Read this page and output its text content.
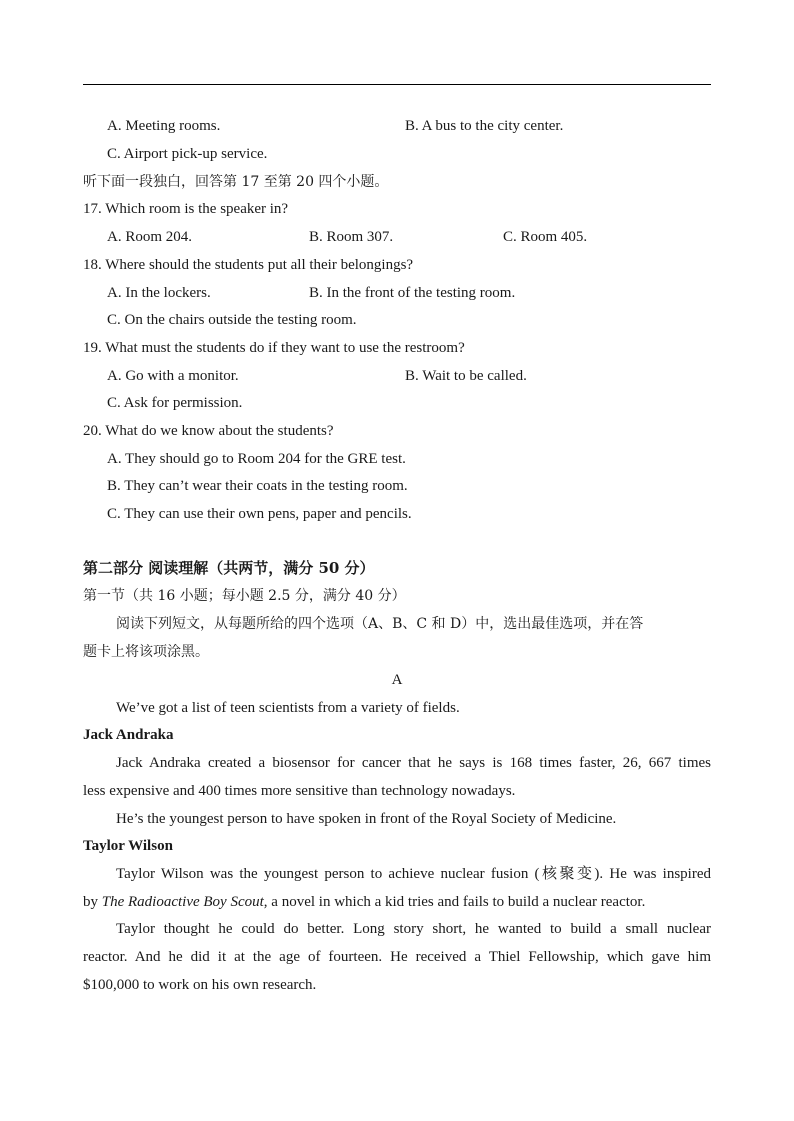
A. Meeting rooms.	B. A bus to the city center.
C. Airport pick-up service.
听下面一段独白，回答第 17 至第 20 四个小题。
17. Which room is the speaker in?
A. Room 204.	B. Room 307.	C. Room 405.
18. Where should the students put all their belongings?
A. In the lockers.	B. In the front of the testing room.
C. On the chairs outside the testing room.
19. What must the students do if they want to use the restroom?
A. Go with a monitor.	B. Wait to be called.
C. Ask for permission.
20. What do we know about the students?
A. They should go to Room 204 for the GRE test.
B. They can’t wear their coats in the testing room.
C. They can use their own pens, paper and pencils.
第二部分 阅读理解（共两节，满分 50 分）
第一节（共 16 小题；每小题 2.5 分，满分 40 分）
阅读下列短文，从每题所给的四个选项（A、B、C 和 D）中，选出最佳选项，并在答
题卡上将该项涂黑。
A
We’ve got a list of teen scientists from a variety of fields.
Jack Andraka
Jack Andraka created a biosensor for cancer that he says is 168 times faster, 26, 667 times
less expensive and 400 times more sensitive than technology nowadays.
He’s the youngest person to have spoken in front of the Royal Society of Medicine.
Taylor Wilson
Taylor Wilson was the youngest person to achieve nuclear fusion (核聚变). He was inspired
by The Radioactive Boy Scout, a novel in which a kid tries and fails to build a nuclear reactor.
Taylor thought he could do better. Long story short, he wanted to build a small nuclear
reactor. And he did it at the age of fourteen. He received a Thiel Fellowship, which gave him
$100,000 to work on his own research.
